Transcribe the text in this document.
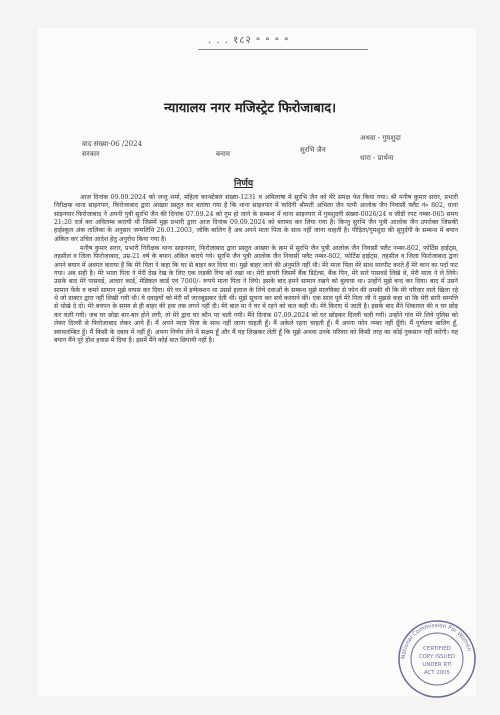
. . . १८२ ॰ ॰ ॰ ॰
न्यायालय नगर मजिस्ट्रेट फिरोजाबाद।
वाद संख्या-06 /2024
सरकार	बनाम
अथवा - गुमशुदा
सुरभि जैन
धारा - प्रार्थना
निर्णय

आज दिनांक 09.09.2024 को जन्तु शर्मा, महिला कान्स्टेबल संख्या-1231 व अमिलाषा मे सुरभि जैन को मेरे समक्ष पेश किया गया। श्री मनीष कुमार सरार, प्रभारी निरीक्षक थाना साइनपार, फिरोजाबाद द्वारा आख्या प्रस्तुत कर बताया गया है कि थाना साइनपार में वादिनी श्रीमती अभिला जैन पत्नी आलोक जैन निवासी फ्लैट नं० 802, धाना साइनपार फिरोजाबाद ने अपनी पुत्री सुरभि जैन की दिनांक 07.09.24 को गुम हो जाने के सम्बन्ध में थाना साइनपार में गुमशुदगी संख्या-0026/24 व जीडी रपट नम्बर-065 समय 21:20 दर्ज कर अविलम्ब करायी थी जिसमें मुझ प्रभारी द्वारा आज दिनांक 09.09.2024 को बरामद कर लिया गया है। किन्तु सुरभि जैन पुत्री आलोक जैन उपरोक्त जिसकी हाईस्कूल अंक तालिका के अनुसार जन्मतिथि 26.01.2003, जोकि बालिग है अब अपने माता पिता के साथ नहीं जाना चाहती है। पीड़िता/गुमशुदा की सुपुर्दगी के सम्बन्ध में बयान अंकित कर उचित आदेश हेतु अनुरोध किया गया है।

मनीष कुमार सरार, प्रभारी निरीक्षक थाना साइनपार, फिरोजाबाद द्वारा प्रस्तुत आख्या के क्रम में सुरभि जैन पुत्री आलोक जैन निवासी फ्लैट नम्बर-802, फोर्टिस हाईट्स, तहसील व जिला फिरोजाबाद, उम्र-21 वर्ष के बयान अंकित कराये गये। सुरभि जैन पुत्री आलोक जैन निवासी फ्लैट नम्बर-802, फोर्टिस हाईट्स, तहसील व जिला फिरोजाबाद द्वारा अपने बयान में अवगत कराया है कि मेरे पिता ने कहा कि घर से बाहर कर दिया था। मुझे बाहर जाने की अनुमति नहीं थी। मेरे माता पिता मेरे साथ मारपीट करते हैं मेरे कान का पर्दा फट गया। अब सही है। मेरे भाता पिता ने मेरी देख रेख के लिए एक लड़की रिया को रखा था। मेरी डायरी जिसमें बैंक डिटेल्स, बैंक पिन, मेरे सारे पासवर्ड लिखे थे, मेरी माता ने ले लिये। उसके बाद मेरे पासवर्ड, आधार कार्ड, मेडिकल कार्ड एवं 7000/- रूपये माता पिता ने लिये। इसके बाद हमने सामान रखने को बुलाया था। उन्होंने मुझे बन्द कर दिया। बाद में उसने सामान फेंके व कमरे सामान मुझे वापस कर दिया। मेरे घर में इन्फेक्शन था उससे इलाज के लिये दवाओं के सम्बन्ध मुझे मालविका से फोन की धमकी थी कि मेरे परिवार वाले खिला रहे थे जो डाक्टर द्वारा नहीं लिखी गयी थी। ये दवाइयों को मेरी माँ जानबूझकर देती थीं। मुझे सूचना कर सर्च करवाने की। एक साल पूर्व मेरे पिता जी ने मुझसे कहा था कि मेरी सारी सम्पत्ति से धोखे दे दो। मेरे बचपन के समय से ही बाहर की हवा तक लगने नहीं दी। मेरे बाल मा ने घर में रहने को बात कही थी। मेरे किराए में जाती है। इसके बाद मैंने शिकायत की व घर छोड़ कर चली गयी। जब घर छोड़ा बार-बार होने लगी, तो मेरे द्वारा घर कौन पर चली गयी। मैंने दिनांक 07.09.2024 को घर छोड़कर दिल्ली चली गयी। उन्होंने गांव मेरे लिये पुलिस को लेकर दिल्ली से फिरोजाबाद लेकर आये हैं। मैं अपने माता पिता के साथ नहीं जाना चाहती हूँ। मैं अकेले रहना चाहती हूँ। मैं अपना फोन नम्बर नहीं दूँगी। मैं पूर्णतया बालिग हूँ, स्वावलम्बित हूँ। मैं किसी के दबाव में नहीं हूँ। अपना निर्णय लेने में सक्षम हूँ और मैं यह लिखकर लेती हूँ कि मुझे अथवा उनके परिवार को किसी तरह का कोई नुकसान नहीं करेंगी। यह बयान मैंने पूरे होश हवास में दिया है। इसमें मैंने कोई बात छिपायी नहीं है।

National Commission For Women
CERTIFIED
COPY ISSUED
UNDER RTI
ACT 2005
